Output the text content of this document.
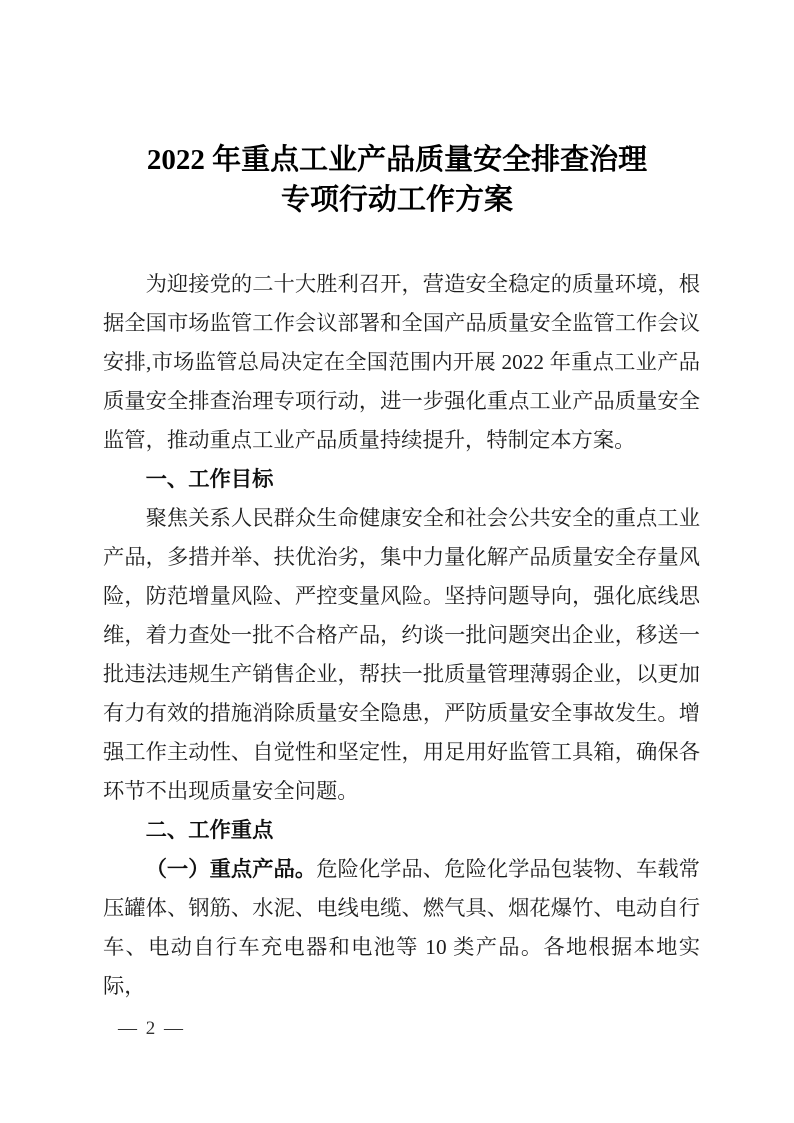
2022 年重点工业产品质量安全排查治理
专项行动工作方案

为迎接党的二十大胜利召开，营造安全稳定的质量环境，根据全国市场监管工作会议部署和全国产品质量安全监管工作会议安排,市场监管总局决定在全国范围内开展 2022 年重点工业产品质量安全排查治理专项行动，进一步强化重点工业产品质量安全监管，推动重点工业产品质量持续提升，特制定本方案。

一、工作目标

聚焦关系人民群众生命健康安全和社会公共安全的重点工业产品，多措并举、扶优治劣，集中力量化解产品质量安全存量风险，防范增量风险、严控变量风险。坚持问题导向，强化底线思维，着力查处一批不合格产品，约谈一批问题突出企业，移送一批违法违规生产销售企业，帮扶一批质量管理薄弱企业，以更加有力有效的措施消除质量安全隐患，严防质量安全事故发生。增强工作主动性、自觉性和坚定性，用足用好监管工具箱，确保各环节不出现质量安全问题。

二、工作重点

（一）重点产品。危险化学品、危险化学品包装物、车载常压罐体、钢筋、水泥、电线电缆、燃气具、烟花爆竹、电动自行车、电动自行车充电器和电池等 10 类产品。各地根据本地实际，

— 2 —
